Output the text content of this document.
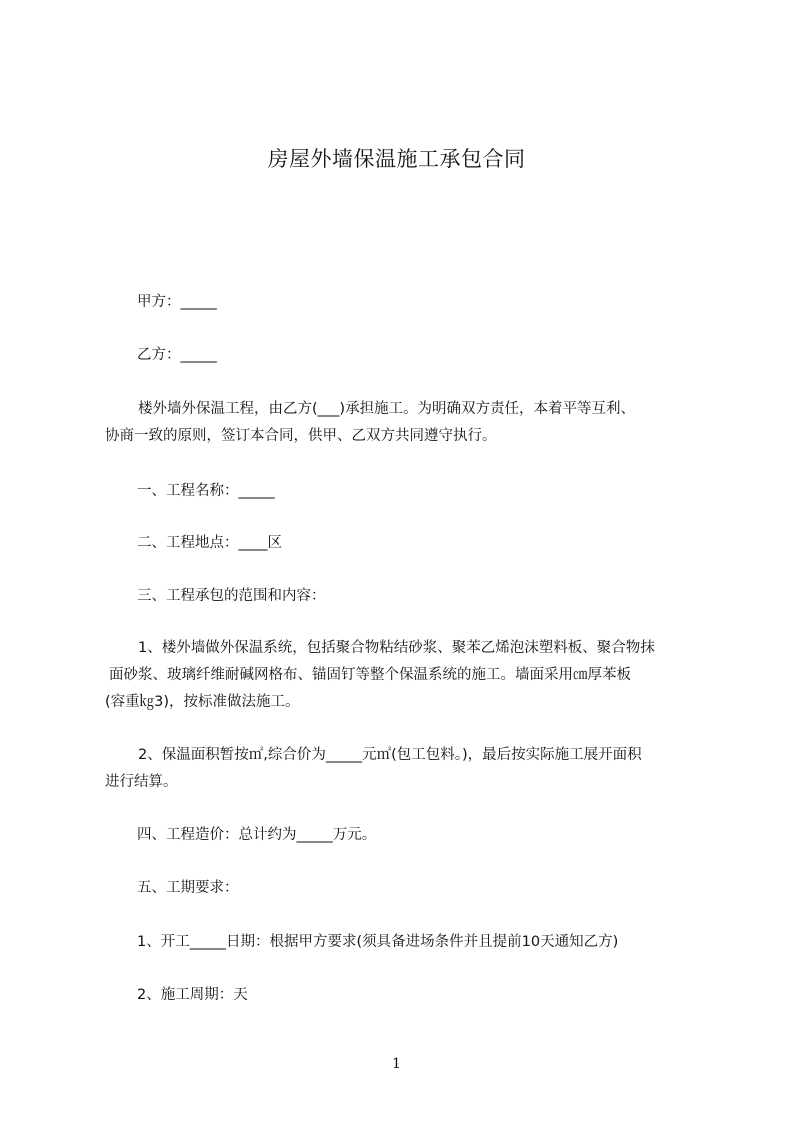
房屋外墙保温施工承包合同
甲方：_____
乙方：_____
楼外墙外保温工程，由乙方(___)承担施工。为明确双方责任，本着平等互利、
协商一致的原则，签订本合同，供甲、乙双方共同遵守执行。
一、工程名称：_____
二、工程地点：____区
三、工程承包的范围和内容：
1、楼外墙做外保温系统，包括聚合物粘结砂浆、聚苯乙烯泡沫塑料板、聚合物抹
面砂浆、玻璃纤维耐碱网格布、锚固钉等整个保温系统的施工。墙面采用㎝厚苯板
(容重㎏3)，按标准做法施工。
2、保温面积暂按㎡,综合价为_____元㎡(包工包料。)，最后按实际施工展开面积
进行结算。
四、工程造价：总计约为_____万元。
五、工期要求：
1、开工_____日期：根据甲方要求(须具备进场条件并且提前10天通知乙方)
2、施工周期：天
1
